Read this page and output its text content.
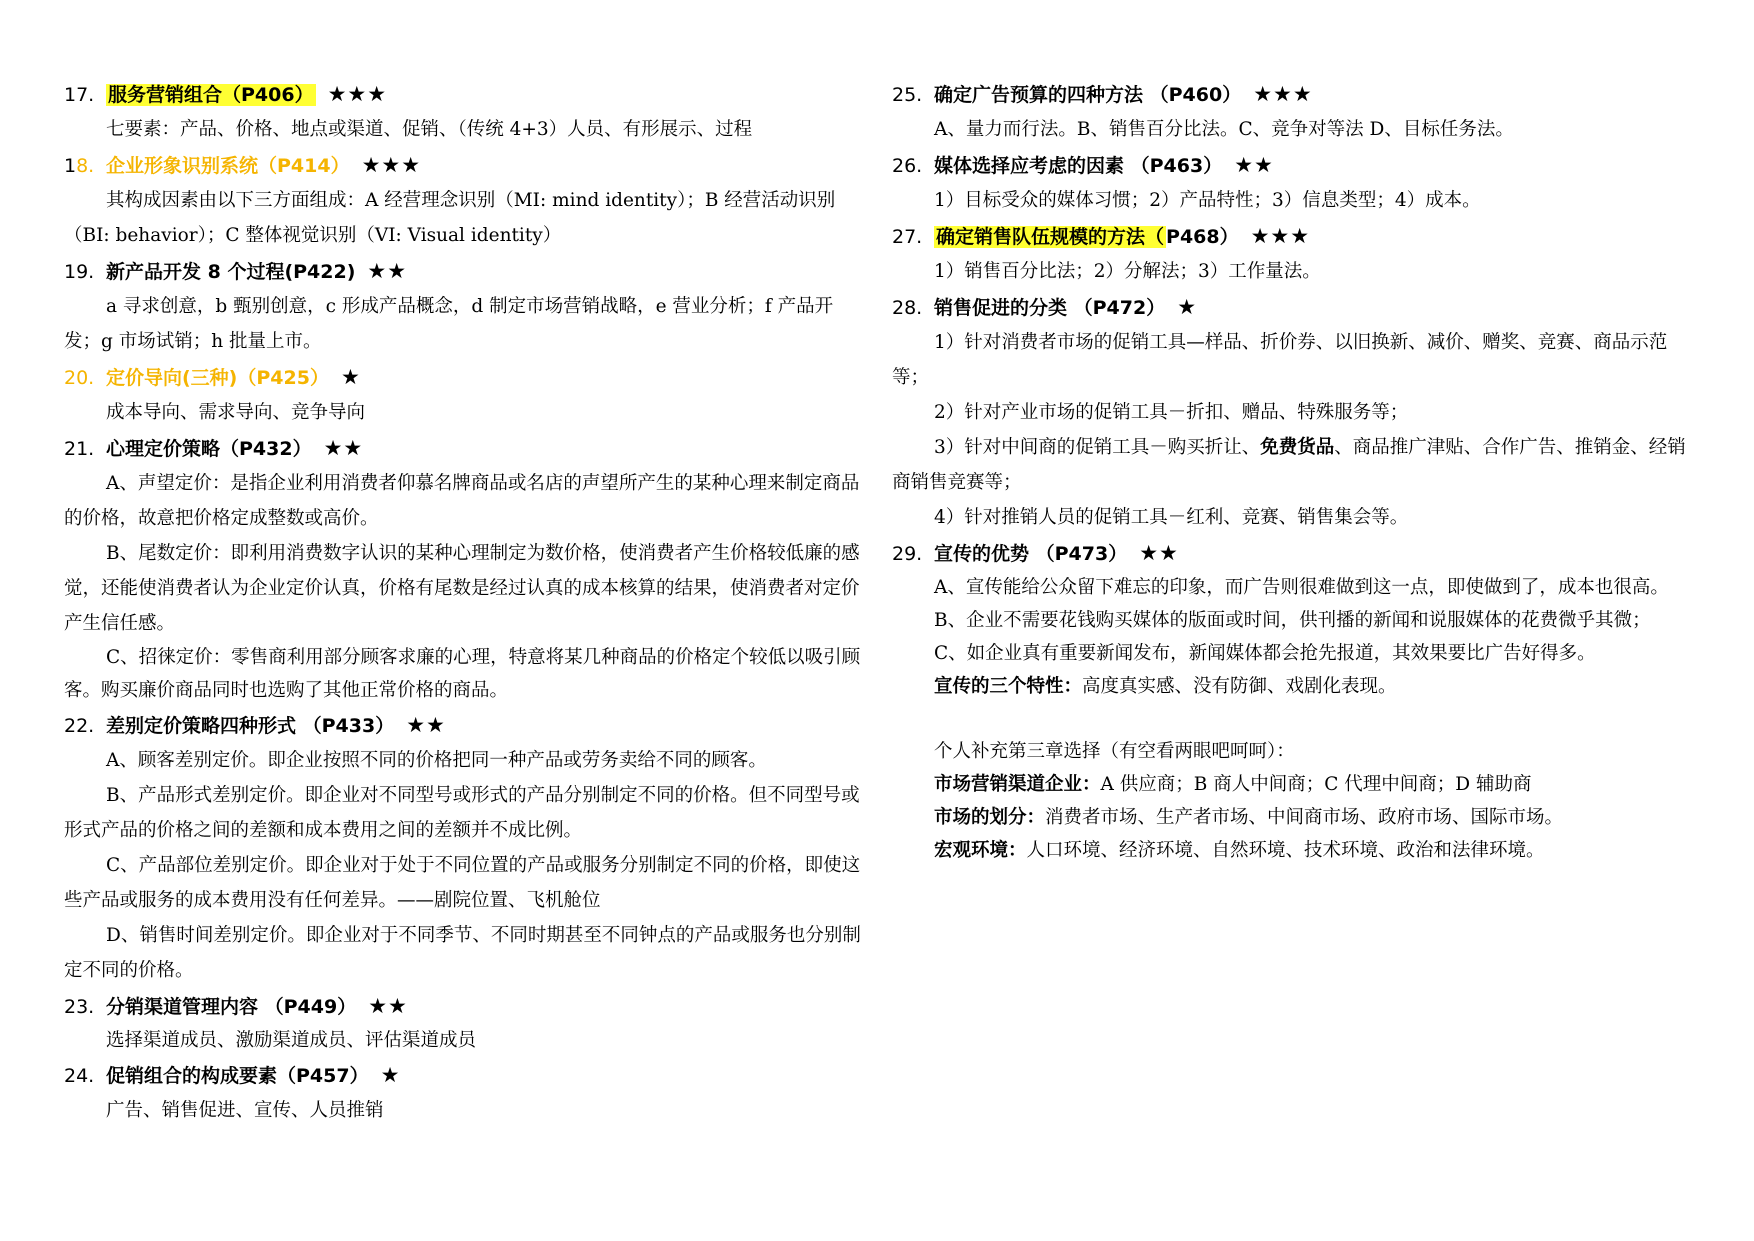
17. 服务营销组合（P406） ★★★
七要素：产品、价格、地点或渠道、促销、（传统 4+3）人员、有形展示、过程
18. 企业形象识别系统（P414） ★★★
其构成因素由以下三方面组成：A 经营理念识别（MI: mind identity）；B 经营活动识别（BI: behavior）；C 整体视觉识别（VI: Visual identity）
19. 新产品开发 8 个过程(P422) ★★
a 寻求创意，b 甄别创意，c 形成产品概念，d 制定市场营销战略，e 营业分析；f 产品开发；g 市场试销；h 批量上市。
20. 定价导向(三种)（P425） ★
成本导向、需求导向、竞争导向
21. 心理定价策略（P432） ★★
A、声望定价：是指企业利用消费者仰慕名牌商品或名店的声望所产生的某种心理来制定商品的价格，故意把价格定成整数或高价。
B、尾数定价：即利用消费数字认识的某种心理制定为数价格，使消费者产生价格较低廉的感觉，还能使消费者认为企业定价认真，价格有尾数是经过认真的成本核算的结果，使消费者对定价产生信任感。
C、招徕定价：零售商利用部分顾客求廉的心理，特意将某几种商品的价格定个较低以吸引顾客。购买廉价商品同时也选购了其他正常价格的商品。
22. 差别定价策略四种形式 （P433） ★★
A、顾客差别定价。即企业按照不同的价格把同一种产品或劳务卖给不同的顾客。
B、产品形式差别定价。即企业对不同型号或形式的产品分别制定不同的价格。但不同型号或形式产品的价格之间的差额和成本费用之间的差额并不成比例。
C、产品部位差别定价。即企业对于处于不同位置的产品或服务分别制定不同的价格，即使这些产品或服务的成本费用没有任何差异。——剧院位置、飞机舱位
D、销售时间差别定价。即企业对于不同季节、不同时期甚至不同钟点的产品或服务也分别制定不同的价格。
23. 分销渠道管理内容 （P449） ★★
选择渠道成员、激励渠道成员、评估渠道成员
24. 促销组合的构成要素（P457） ★
广告、销售促进、宣传、人员推销
25. 确定广告预算的四种方法 （P460） ★★★
A、量力而行法。B、销售百分比法。C、竞争对等法 D、目标任务法。
26. 媒体选择应考虑的因素 （P463） ★★
1）目标受众的媒体习惯；2）产品特性；3）信息类型；4）成本。
27. 确定销售队伍规模的方法（ P468） ★★★
1）销售百分比法；2）分解法；3）工作量法。
28. 销售促进的分类 （P472） ★
1）针对消费者市场的促销工具—样品、折价券、以旧换新、减价、赠奖、竞赛、商品示范等；
2）针对产业市场的促销工具－折扣、赠品、特殊服务等；
3）针对中间商的促销工具－购买折让、免费货品、商品推广津贴、合作广告、推销金、经销商销售竞赛等；
4）针对推销人员的促销工具－红利、竞赛、销售集会等。
29. 宣传的优势 （P473） ★★
A、宣传能给公众留下难忘的印象，而广告则很难做到这一点，即使做到了，成本也很高。
B、企业不需要花钱购买媒体的版面或时间，供刊播的新闻和说服媒体的花费微乎其微；
C、如企业真有重要新闻发布，新闻媒体都会抢先报道，其效果要比广告好得多。
宣传的三个特性：高度真实感、没有防御、戏剧化表现。
个人补充第三章选择（有空看两眼吧呵呵）：
市场营销渠道企业：A 供应商；B 商人中间商；C 代理中间商；D 辅助商
市场的划分：消费者市场、生产者市场、中间商市场、政府市场、国际市场。
宏观环境：人口环境、经济环境、自然环境、技术环境、政治和法律环境。
